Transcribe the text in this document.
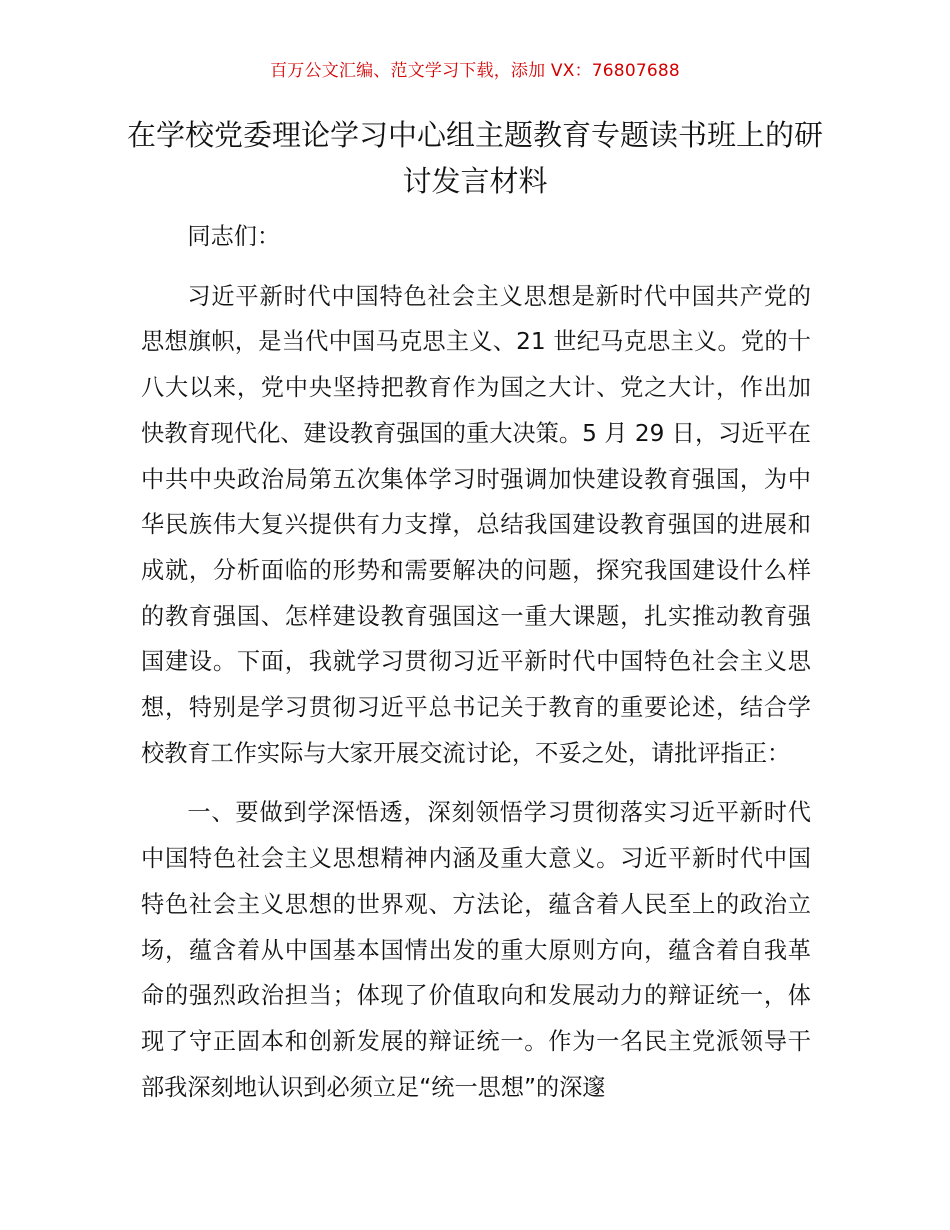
百万公文汇编、范文学习下载，添加 VX：76807688
在学校党委理论学习中心组主题教育专题读书班上的研讨发言材料

同志们：

习近平新时代中国特色社会主义思想是新时代中国共产党的思想旗帜，是当代中国马克思主义、21 世纪马克思主义。党的十八大以来，党中央坚持把教育作为国之大计、党之大计，作出加快教育现代化、建设教育强国的重大决策。5 月 29 日，习近平在中共中央政治局第五次集体学习时强调加快建设教育强国，为中华民族伟大复兴提供有力支撑，总结我国建设教育强国的进展和成就，分析面临的形势和需要解决的问题，探究我国建设什么样的教育强国、怎样建设教育强国这一重大课题，扎实推动教育强国建设。下面，我就学习贯彻习近平新时代中国特色社会主义思想，特别是学习贯彻习近平总书记关于教育的重要论述，结合学校教育工作实际与大家开展交流讨论，不妥之处，请批评指正：

一、要做到学深悟透，深刻领悟学习贯彻落实习近平新时代中国特色社会主义思想精神内涵及重大意义。习近平新时代中国特色社会主义思想的世界观、方法论，蕴含着人民至上的政治立场，蕴含着从中国基本国情出发的重大原则方向，蕴含着自我革命的强烈政治担当；体现了价值取向和发展动力的辩证统一，体现了守正固本和创新发展的辩证统一。作为一名民主党派领导干部我深刻地认识到必须立足“统一思想”的深邃
